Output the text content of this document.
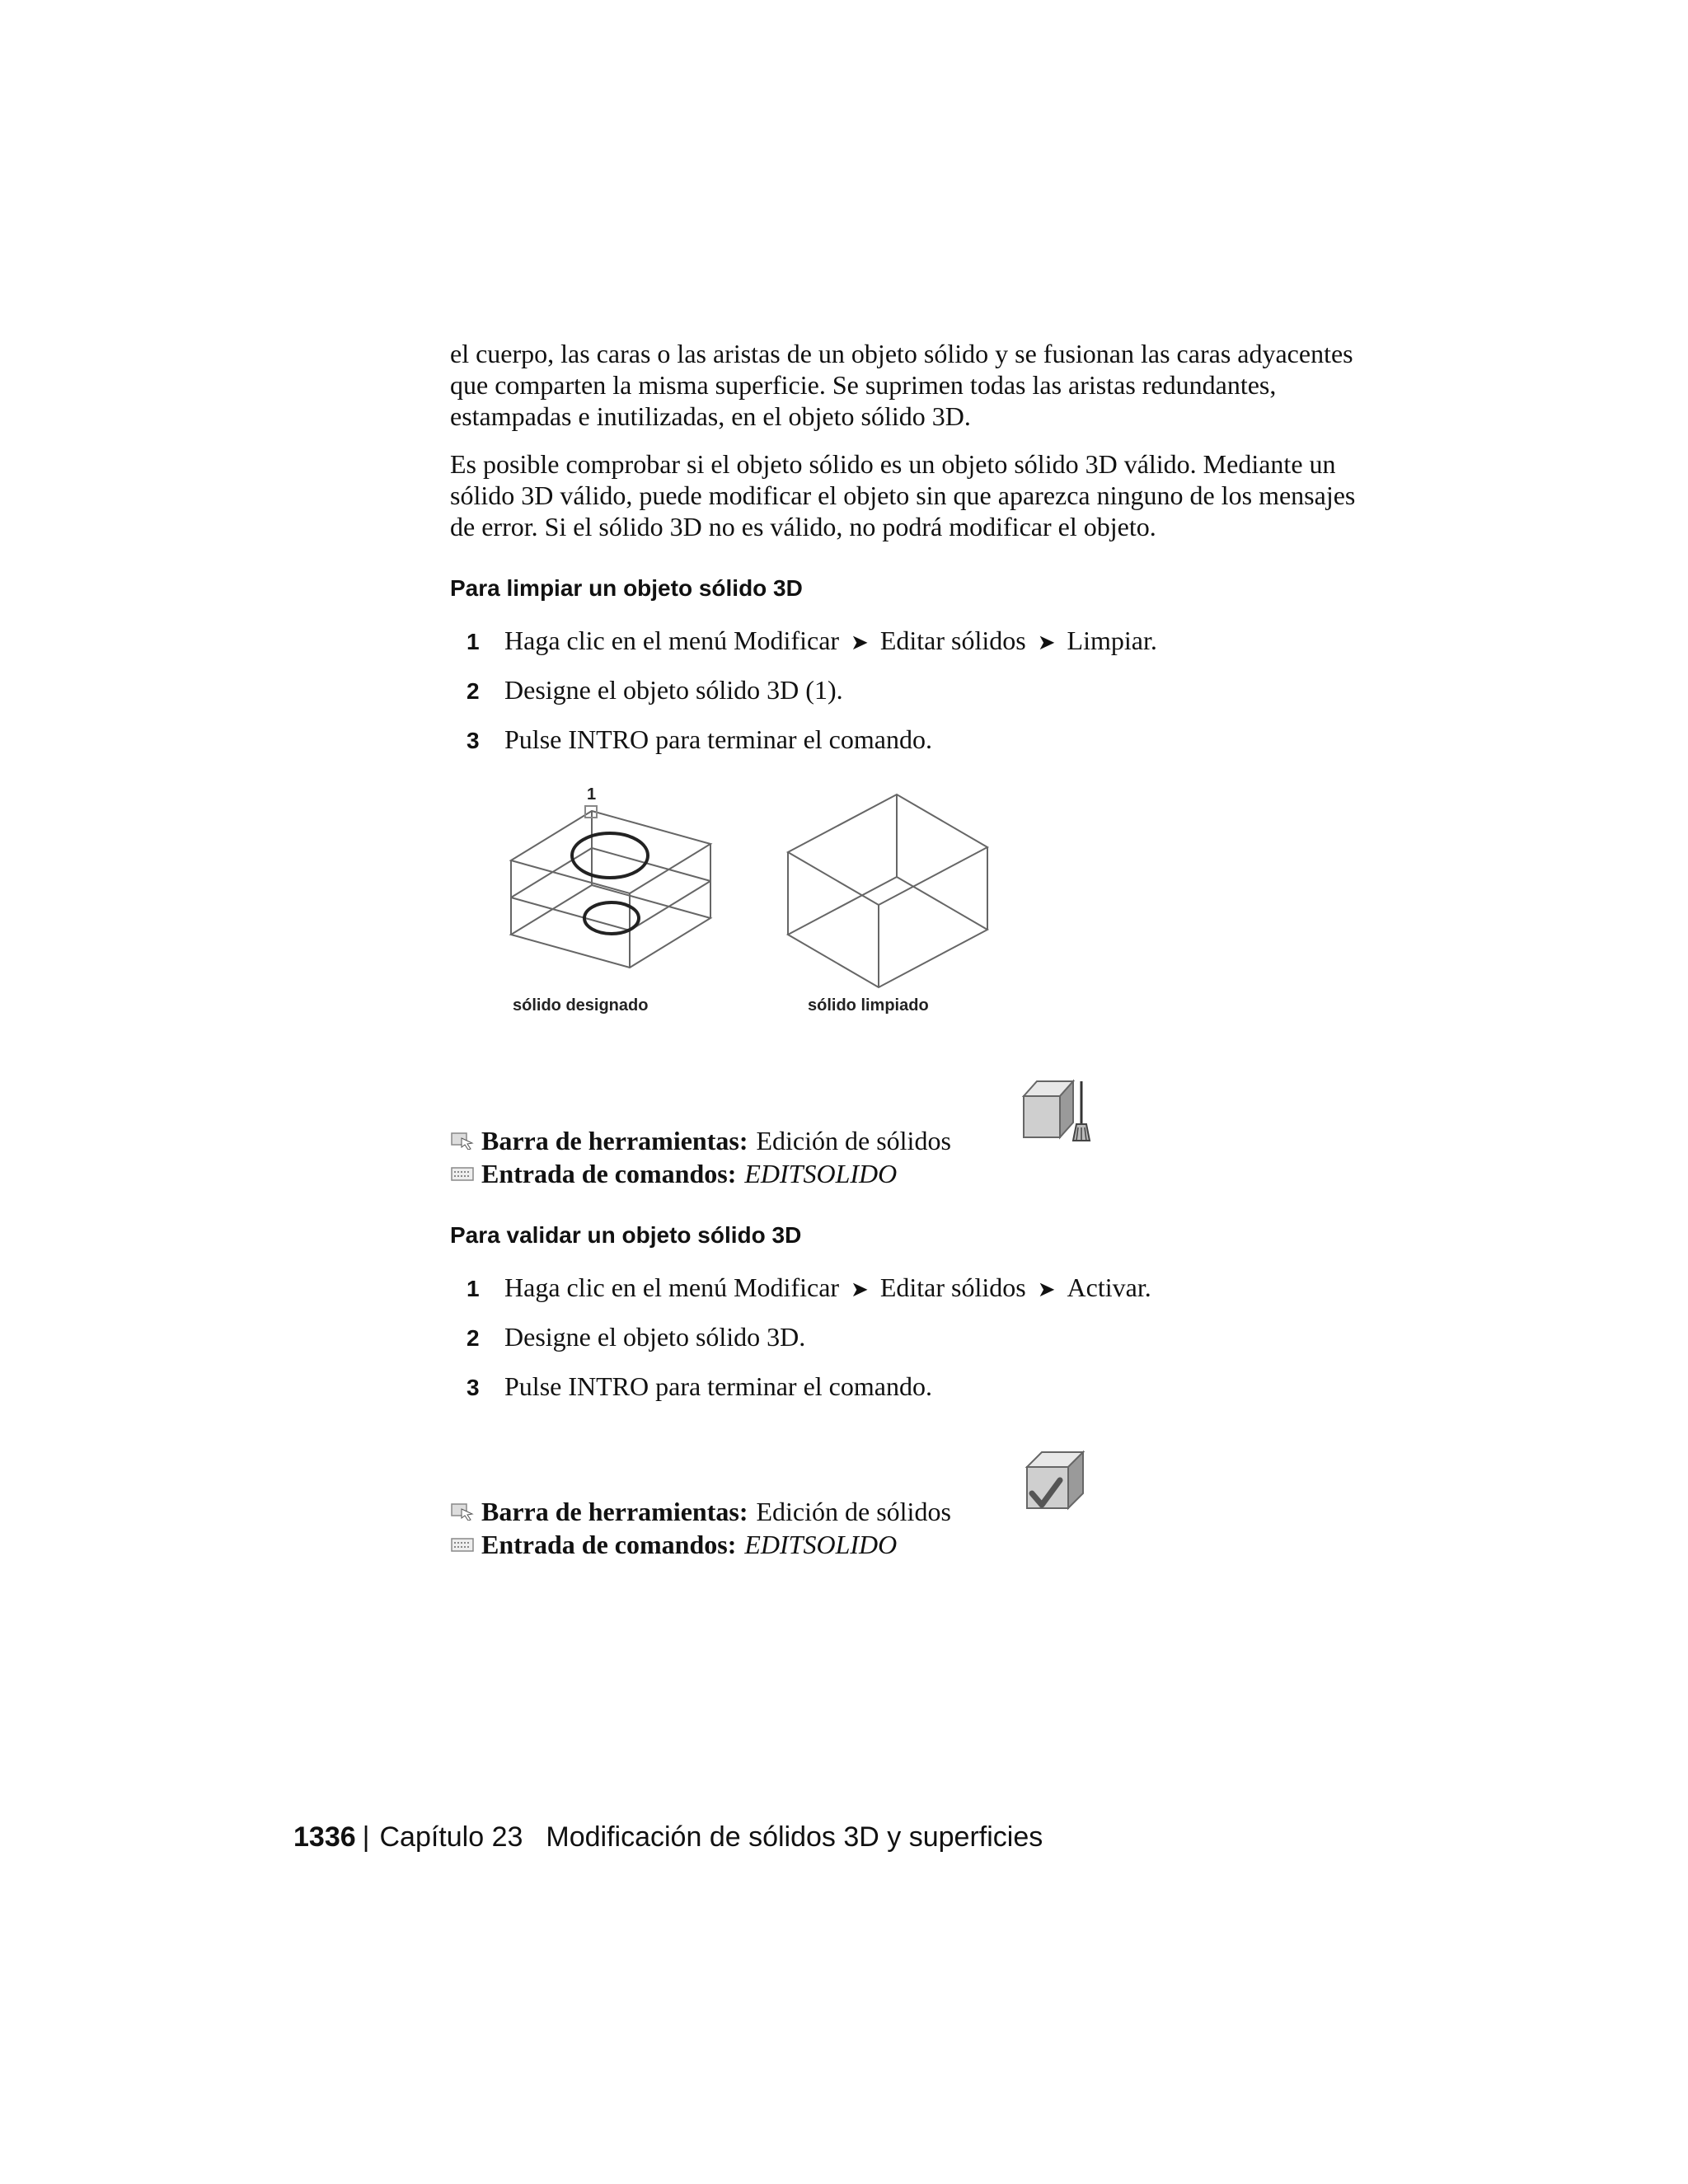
el cuerpo, las caras o las aristas de un objeto sólido y se fusionan las caras adyacentes que comparten la misma superficie. Se suprimen todas las aristas redundantes, estampadas e inutilizadas, en el objeto sólido 3D.

Es posible comprobar si el objeto sólido es un objeto sólido 3D válido. Mediante un sólido 3D válido, puede modificar el objeto sin que aparezca ninguno de los mensajes de error. Si el sólido 3D no es válido, no podrá modificar el objeto.

Para limpiar un objeto sólido 3D
1 Haga clic en el menú Modificar ➤ Editar sólidos ➤ Limpiar.
2 Designe el objeto sólido 3D (1).
3 Pulse INTRO para terminar el comando.
1
sólido designado	sólido limpiado
Barra de herramientas: Edición de sólidos
Entrada de comandos: EDITSOLIDO
Para validar un objeto sólido 3D
1 Haga clic en el menú Modificar ➤ Editar sólidos ➤ Activar.
2 Designe el objeto sólido 3D.
3 Pulse INTRO para terminar el comando.
Barra de herramientas: Edición de sólidos
Entrada de comandos: EDITSOLIDO
1336 | Capítulo 23 Modificación de sólidos 3D y superficies
